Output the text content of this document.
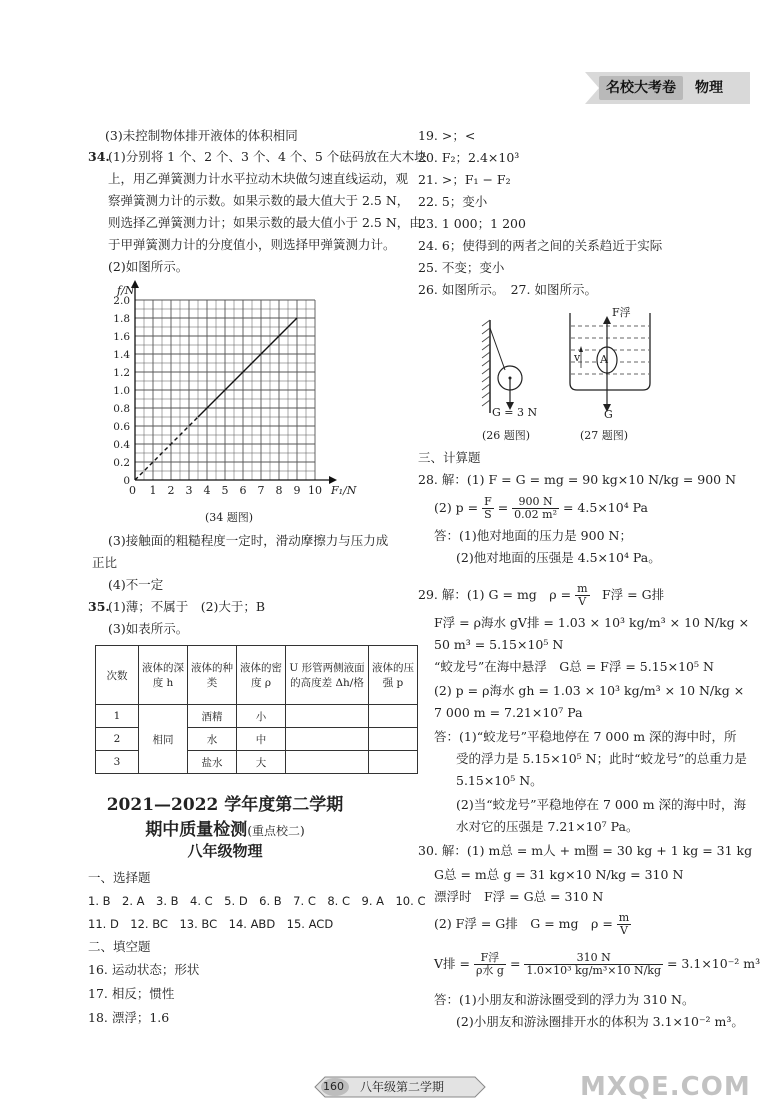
名校大考卷	物理
(3)未控制物体排开液体的体积相同
34.
(1)分别将 1 个、2 个、3 个、4 个、5 个砝码放在大木块
上，用乙弹簧测力计水平拉动木块做匀速直线运动，观
察弹簧测力计的示数。如果示数的最大值大于 2.5 N，
则选择乙弹簧测力计；如果示数的最大值小于 2.5 N，由
于甲弹簧测力计的分度值小，则选择甲弹簧测力计。
(2)如图所示。
1 2 3 4 5 6 7 8 9 10
0
0.2
0.4
0.6
0.8
1.0
1.2
1.4
1.6
1.8
2.0
F₁/N
f/N
0
(34 题图)
(3)接触面的粗糙程度一定时，滑动摩擦力与压力成
正比
(4)不一定
35.
(1)薄；不属于　(2)大于；B
(3)如表所示。
次数	液体的深度 h	液体的种类	液体的密度 ρ	U 形管两侧液面的高度差 Δh/格	液体的压强 p
1	相同	酒精	小		
2		水	中		
3		盐水	大		
2021—2022 学年度第二学期
期中质量检测(重点校二)
八年级物理
一、选择题
1. B　2. A　3. B　4. C　5. D　6. B　7. C　8. C　9. A　10. C
11. D　12. BC　13. BC　14. ABD　15. ACD
二、填空题
16. 运动状态；形状
17. 相反；惯性
18. 漂浮；1.6
19. >；<
20. F₂；2.4×10³
21. >；F₁ − F₂
22. 5；变小
23. 1 000；1 200
24. 6；使得到的两者之间的关系趋近于实际
25. 不变；变小
26. 如图所示。　27. 如图所示。
G = 3 N
(26 题图)
F浮
v A
G
(27 题图)
三、计算题
28. 解：(1) F = G = mg = 90 kg×10 N/kg = 900 N
(2) $p = \frac{F}{S} = \frac{900 N}{\text{0.02 m²}} = 4.5\times 10^4$ Pa
答：(1)他对地面的压力是 900 N；
(2)他对地面的压强是 4.5×10⁴ Pa。
29. 解：(1) G = mg　$\rho = \frac{m}{V}$ 　F浮 = G排
F浮 = ρ海水 gV排 = 1.03 × 10³ kg/m³ × 10 N/kg ×
50 m³ = 5.15×10⁵ N
“蛟龙号”在海中悬浮　G总 = F浮 = 5.15×10⁵ N
(2) p = ρ海水 gh = 1.03 × 10³ kg/m³ × 10 N/kg ×
7 000 m = 7.21×10⁷ Pa
答：(1)“蛟龙号”平稳地停在 7 000 m 深的海中时，所
受的浮力是 5.15×10⁵ N；此时“蛟龙号”的总重力是
5.15×10⁵ N。
(2)当“蛟龙号”平稳地停在 7 000 m 深的海中时，海
水对它的压强是 7.21×10⁷ Pa。
30. 解：(1) m总 = m人 + m圈 = 30 kg + 1 kg = 31 kg
G总 = m总 g = 31 kg×10 N/kg = 310 N
漂浮时　F浮 = G总 = 310 N
(2) F浮 = G排　G = mg　$\rho = \frac{m}{V}$
V排 = $\frac{\text{F浮}}{\text{ρ水 g}} = \frac{310 N}{\text{1.0×10³ kg/m³×10 N/kg}} = 3.1\times 10^{-2}$ m³
答：(1)小朋友和游泳圈受到的浮力为 310 N。
(2)小朋友和游泳圈排开水的体积为 3.1×10⁻² m³。
MXQE.COM
160 八年级第二学期
